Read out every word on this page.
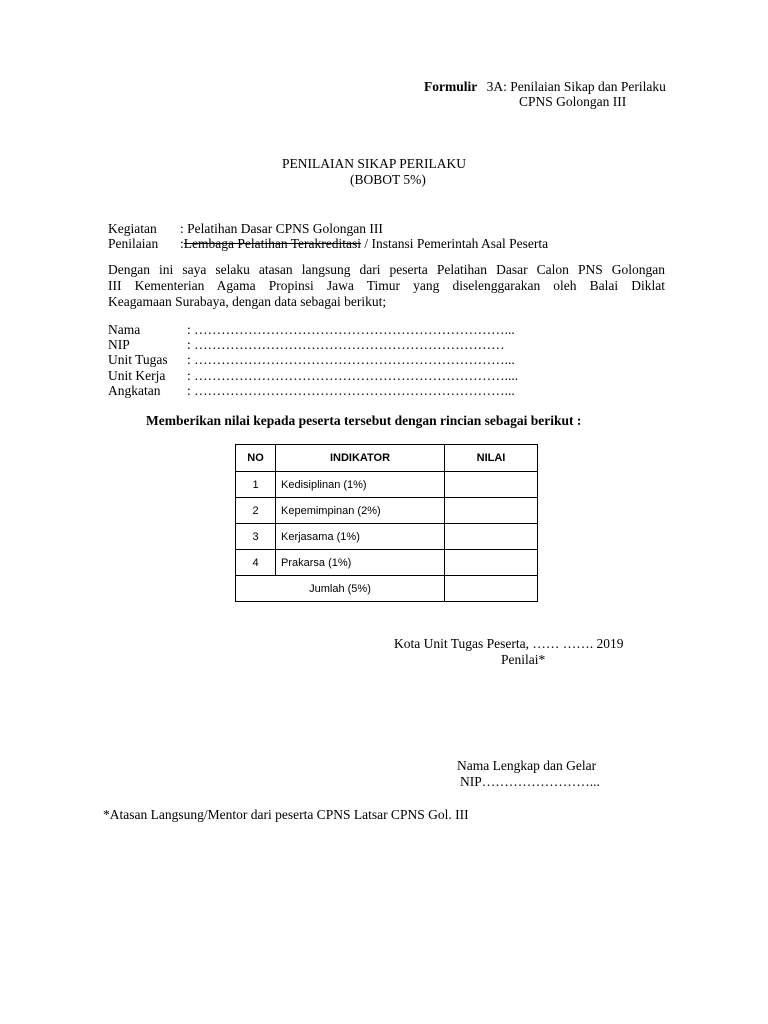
Formulir 3A: Penilaian Sikap dan Perilaku
CPNS Golongan III
PENILAIAN SIKAP PERILAKU
(BOBOT 5%)
Kegiatan : Pelatihan Dasar CPNS Golongan III
Penilaian :Lembaga Pelatihan Terakreditasi / Instansi Pemerintah Asal Peserta
Dengan ini saya selaku atasan langsung dari peserta Pelatihan Dasar Calon PNS Golongan
III Kementerian Agama Propinsi Jawa Timur yang diselenggarakan oleh Balai Diklat
Keagamaan Surabaya, dengan data sebagai berikut;
Nama	: ……………………………………………………………...
NIP	: ……………………………………………………………
Unit Tugas : ……………………………………………………………...
Unit Kerja : ……………………………………………………………....
Angkatan : ……………………………………………………………...
Memberikan nilai kepada peserta tersebut dengan rincian sebagai berikut :
NO	INDIKATOR	NILAI
1	Kedisiplinan (1%)	
2	Kepemimpinan (2%)	
3	Kerjasama (1%)	
4	Prakarsa (1%)	
Jumlah (5%)		
Kota Unit Tugas Peserta, …… ……. 2019
Penilai*
Nama Lengkap dan Gelar
NIP……………………...
*Atasan Langsung/Mentor dari peserta CPNS Latsar CPNS Gol. III
